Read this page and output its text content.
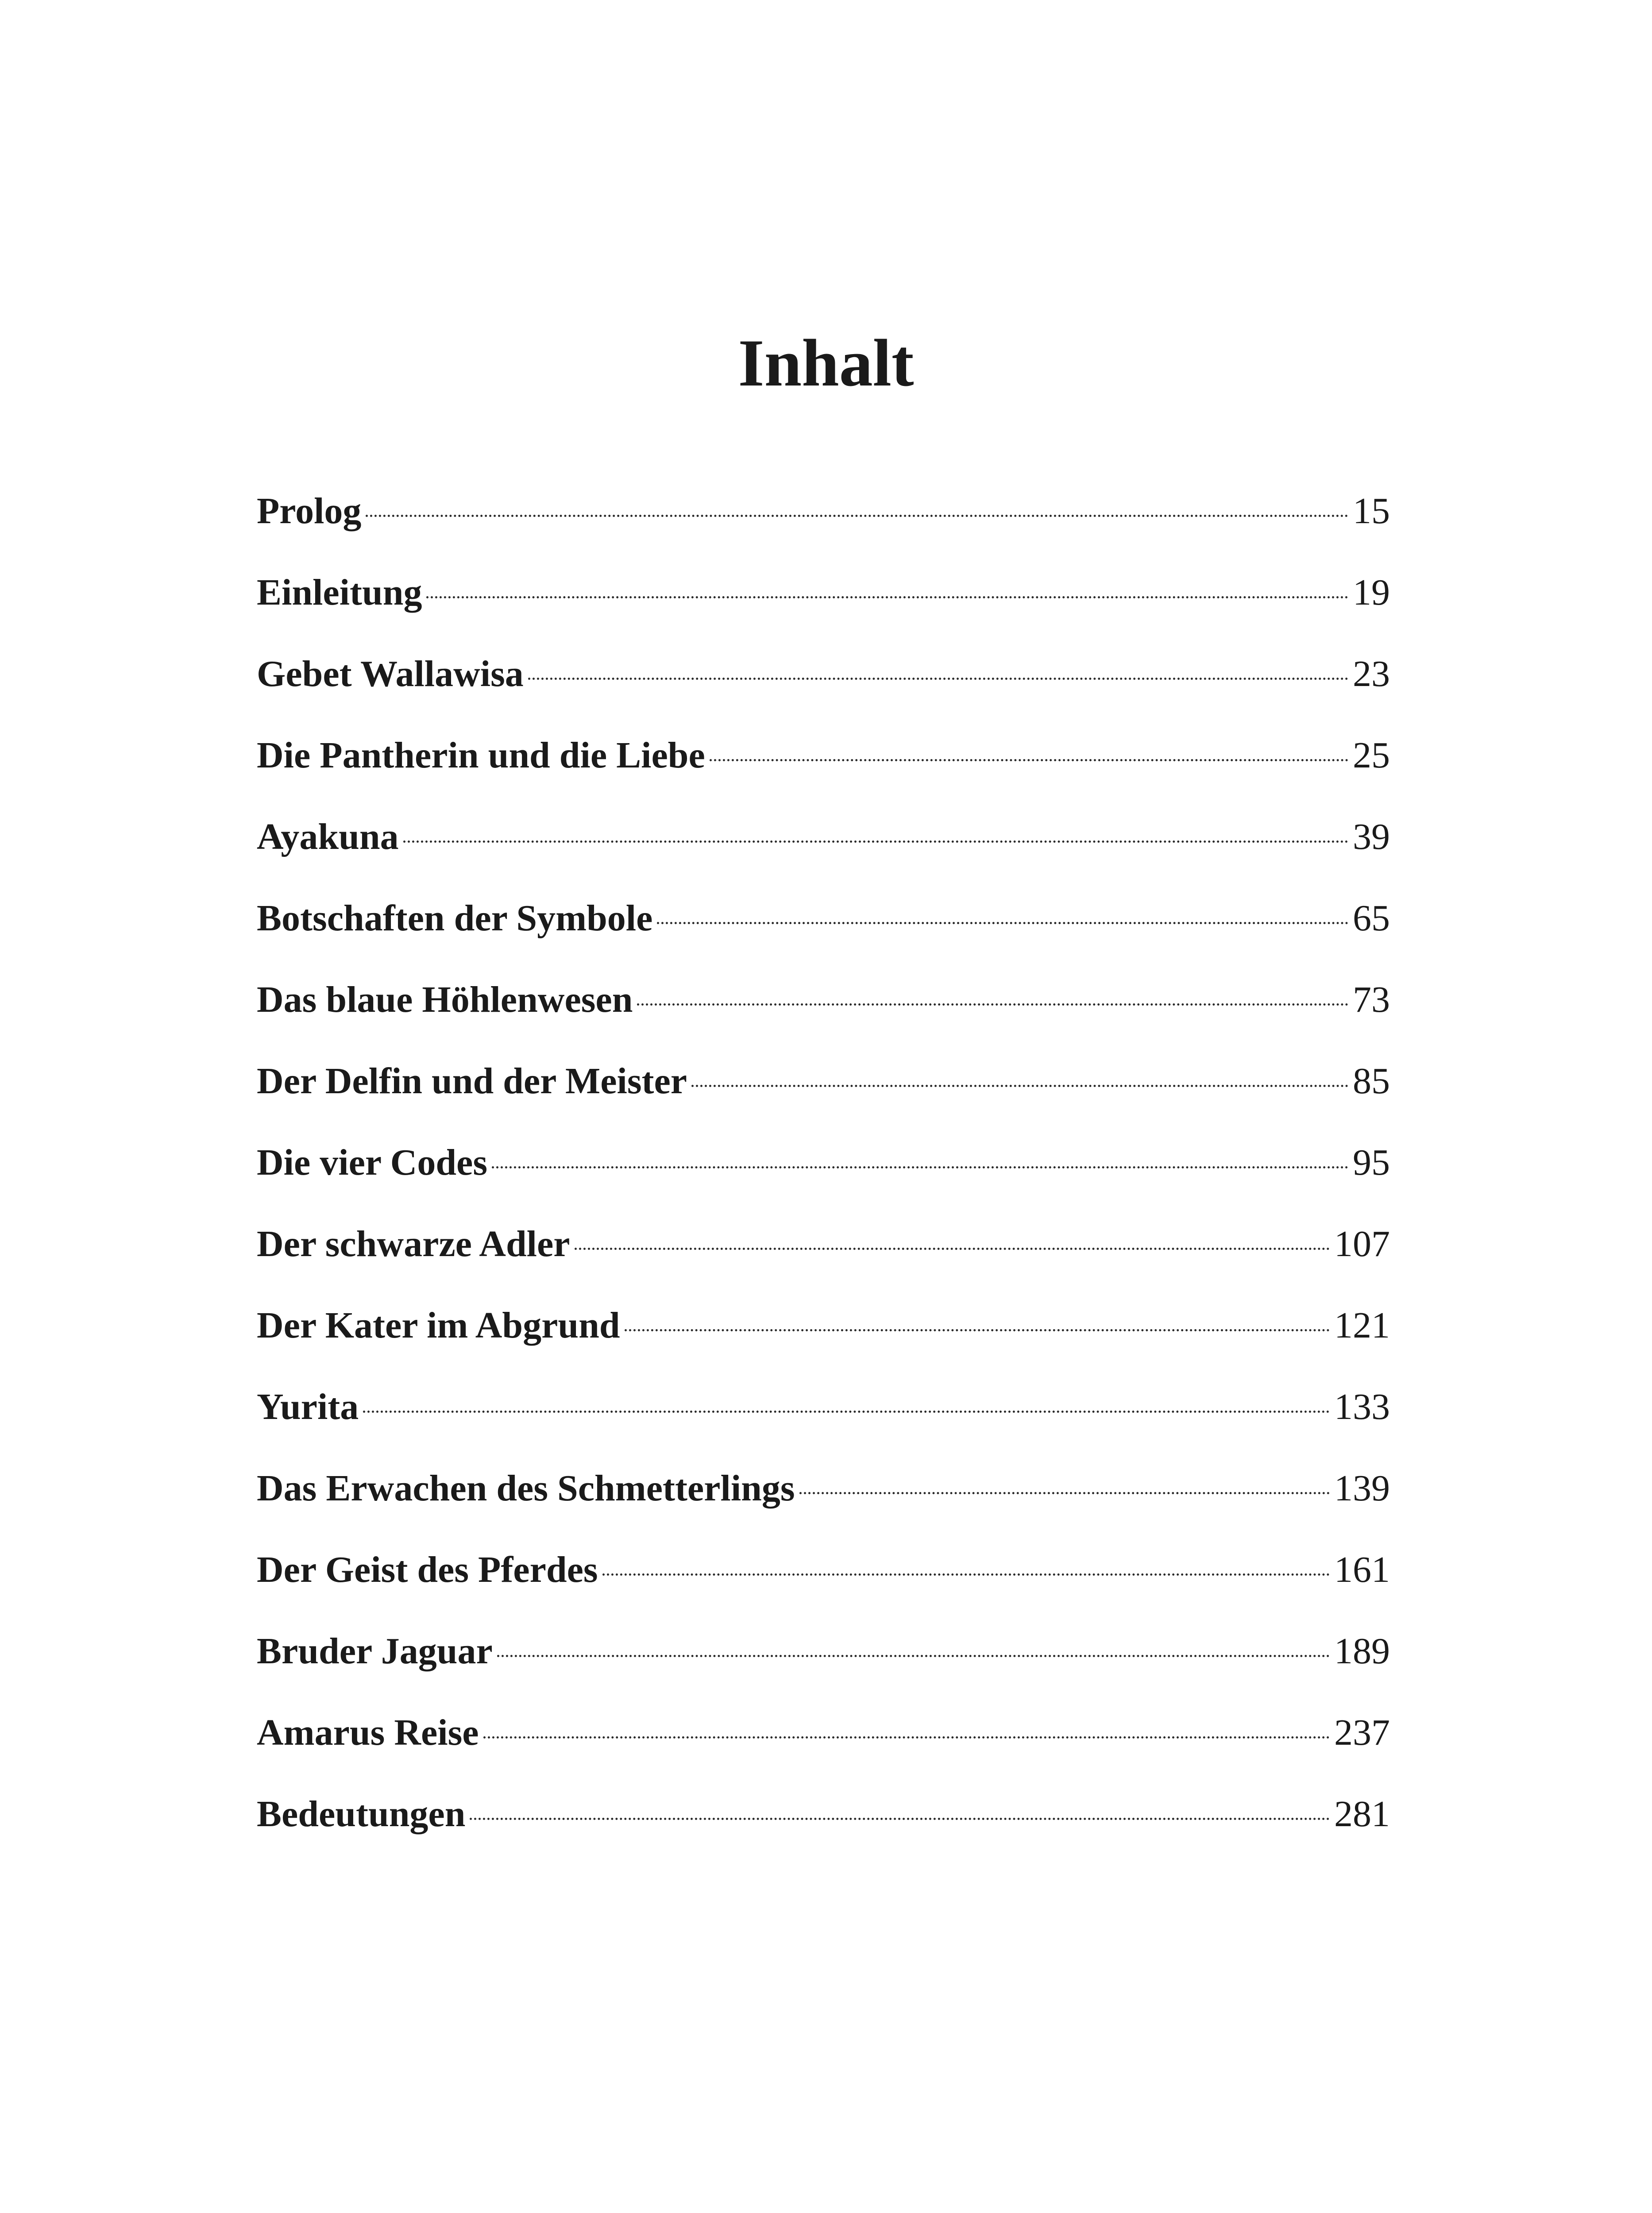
Inhalt
Prolog	15
Einleitung	19
Gebet Wallawisa	23
Die Pantherin und die Liebe	25
Ayakuna	39
Botschaften der Symbole	65
Das blaue Höhlenwesen	73
Der Delfin und der Meister	85
Die vier Codes	95
Der schwarze Adler	107
Der Kater im Abgrund	121
Yurita	133
Das Erwachen des Schmetterlings	139
Der Geist des Pferdes	161
Bruder Jaguar	189
Amarus Reise	237
Bedeutungen	281
